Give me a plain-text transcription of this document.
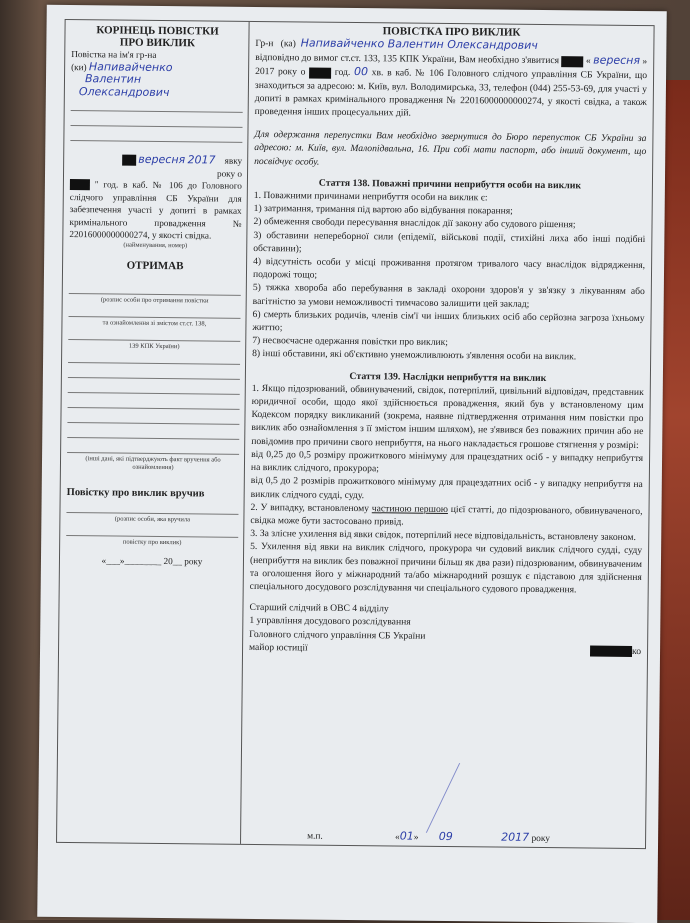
КОРІНЕЦЬ ПОВІСТКИ
ПРО ВИКЛИК
Повістка на ім'я гр-на
(ки) Напивайченко
Валентин
Олександрович
вересня 2017 явку
року о
" год. в каб. № 106 до Головного слідчого управління СБ України для забезпечення участі у допиті в рамках кримінального провадження № 22016000000000274, у якості свідка.
(найменування, номер)
ОТРИМАВ
(розпис особи про отримання повістки
та ознайомлення зі змістом ст.ст. 138,
139 КПК України)
(інші дані, які підтверджують факт вручення або ознайомлення)
Повістку про виклик вручив
(розпис особи, яка вручила
повістку про виклик)
«___»________ 20__ року
ПОВІСТКА ПРО ВИКЛИК

Гр-н (ка) Напивайченко Валентин Олександрович

відповідно до вимог ст.ст. 133, 135 КПК України, Вам необхідно з'явитися	« вересня » 2017 року о	год. 00 хв. в каб. № 106 Головного слідчого управління СБ України, що знаходиться за адресою: м. Київ, вул. Володимирська, 33, телефон (044) 255-53-69, для участі у допиті в рамках кримінального провадження № 22016000000000274, у якості свідка, а також проведення інших процесуальних дій.

Для одержання перепустки Вам необхідно звернутися до Бюро перепусток СБ України за адресою: м. Київ, вул. Малопідвальна, 16. При собі мати паспорт, або інший документ, що посвідчує особу.

Стаття 138. Поважні причини неприбуття особи на виклик

1. Поважними причинами неприбуття особи на виклик є:

1) затримання, тримання під вартою або відбування покарання;

2) обмеження свободи пересування внаслідок дії закону або судового рішення;

3) обставини непереборної сили (епідемії, військові події, стихійні лиха або інші подібні обставини);

4) відсутність особи у місці проживання протягом тривалого часу внаслідок відрядження, подорожі тощо;

5) тяжка хвороба або перебування в закладі охорони здоров'я у зв'язку з лікуванням або вагітністю за умови неможливості тимчасово залишити цей заклад;

6) смерть близьких родичів, членів сім'ї чи інших близьких осіб або серйозна загроза їхньому життю;

7) несвоєчасне одержання повістки про виклик;

8) інші обставини, які об'єктивно унеможливлюють з'явлення особи на виклик.

Стаття 139. Наслідки неприбуття на виклик

1. Якщо підозрюваний, обвинувачений, свідок, потерпілий, цивільний відповідач, представник юридичної особи, щодо якої здійснюється провадження, який був у встановленому цим Кодексом порядку викликаний (зокрема, наявне підтвердження отримання ним повістки про виклик або ознайомлення з її змістом іншим шляхом), не з'явився без поважних причин або не повідомив про причини свого неприбуття, на нього накладається грошове стягнення у розмірі:

від 0,25 до 0,5 розміру прожиткового мінімуму для працездатних осіб - у випадку неприбуття на виклик слідчого, прокурора;

від 0,5 до 2 розмірів прожиткового мінімуму для працездатних осіб - у випадку неприбуття на виклик слідчого судді, суду.

2. У випадку, встановленому частиною першою цієї статті, до підозрюваного, обвинуваченого, свідка може бути застосовано привід.

3. За злісне ухилення від явки свідок, потерпілий несе відповідальність, встановлену законом.

5. Ухилення від явки на виклик слідчого, прокурора чи судовий виклик слідчого судді, суду (неприбуття на виклик без поважної причини більш як два рази) підозрюваним, обвинуваченим та оголошення його у міжнародний та/або міжнародний розшук є підставою для здійснення спеціального досудового розслідування чи спеціального судового провадження.

Старший слідчий в ОВС 4 відділу
1 управління досудового розслідування
Головного слідчого управління СБ України
майор юстиції	ко
м.п.	«01» 09	2017 року
